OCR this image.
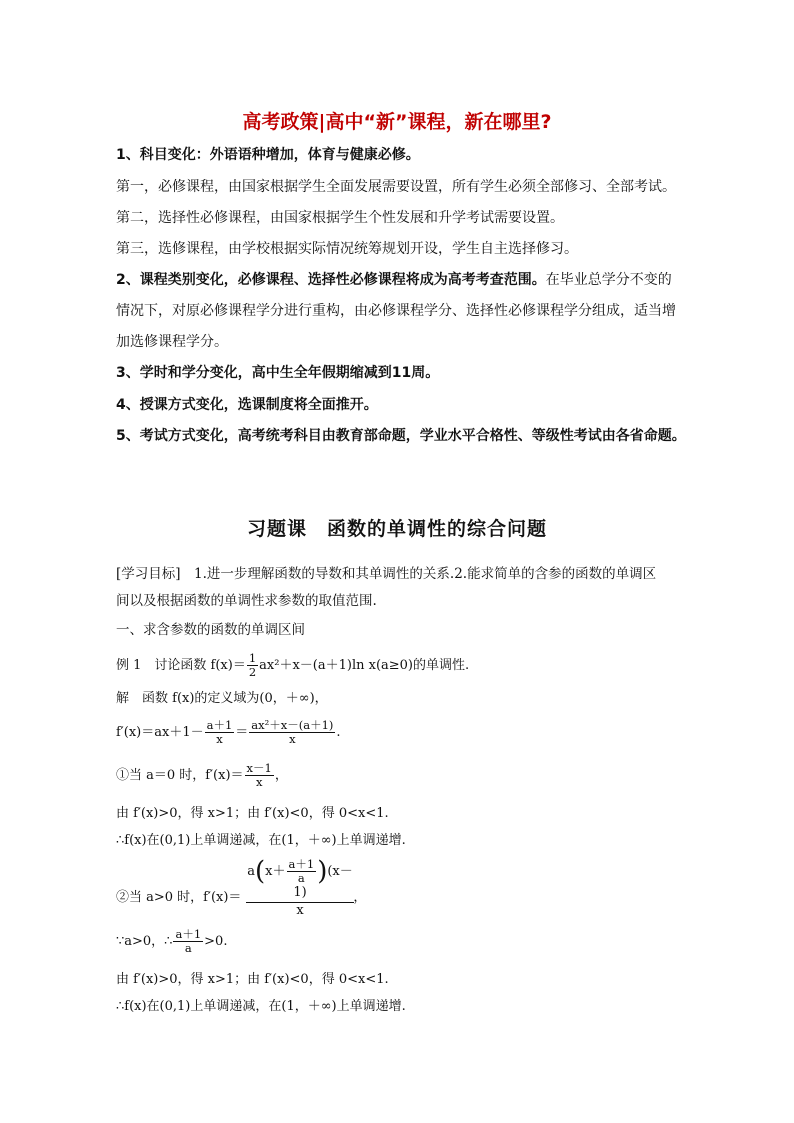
高考政策|高中“新”课程，新在哪里?
1、科目变化：外语语种增加，体育与健康必修。
第一，必修课程，由国家根据学生全面发展需要设置，所有学生必须全部修习、全部考试。
第二，选择性必修课程，由国家根据学生个性发展和升学考试需要设置。
第三，选修课程，由学校根据实际情况统筹规划开设，学生自主选择修习。
2、课程类别变化，必修课程、选择性必修课程将成为高考考查范围。在毕业总学分不变的
情况下，对原必修课程学分进行重构，由必修课程学分、选择性必修课程学分组成，适当增
加选修课程学分。
3、学时和学分变化，高中生全年假期缩减到11周。
4、授课方式变化，选课制度将全面推开。
5、考试方式变化，高考统考科目由教育部命题，学业水平合格性、等级性考试由各省命题。
习题课　函数的单调性的综合问题
[学习目标]　1.进一步理解函数的导数和其单调性的关系.2.能求简单的含参的函数的单调区
间以及根据函数的单调性求参数的取值范围.
一、求含参数的函数的单调区间
例 1　讨论函数 $f(x)= \frac{1}{2} ax^2+x-(a+1)\ln$ x(a≥0)的单调性.
解　函数 f(x)的定义域为(0，＋∞)，
$f'(x)=ax+1- \frac{a+1}{x} = \frac{\text{ax²＋x－(a＋1)}}{x}$ .
①当 a＝0 时，$f'(x)= \frac{x-1}{x}$ ，
由 f′(x)>0，得 x>1；由 f′(x)<0，得 0<x<1.
∴f(x)在(0,1)上单调递减，在(1，＋∞)上单调递增.
$a(x+ \frac{a+1}{a} )(x-1)$
x
②当 a>0 时，f′(x)＝	，
∵a>0，∴ $\frac{a+1}{a} >0$.
由 f′(x)>0，得 x>1；由 f′(x)<0，得 0<x<1.
∴f(x)在(0,1)上单调递减，在(1，＋∞)上单调递增.
